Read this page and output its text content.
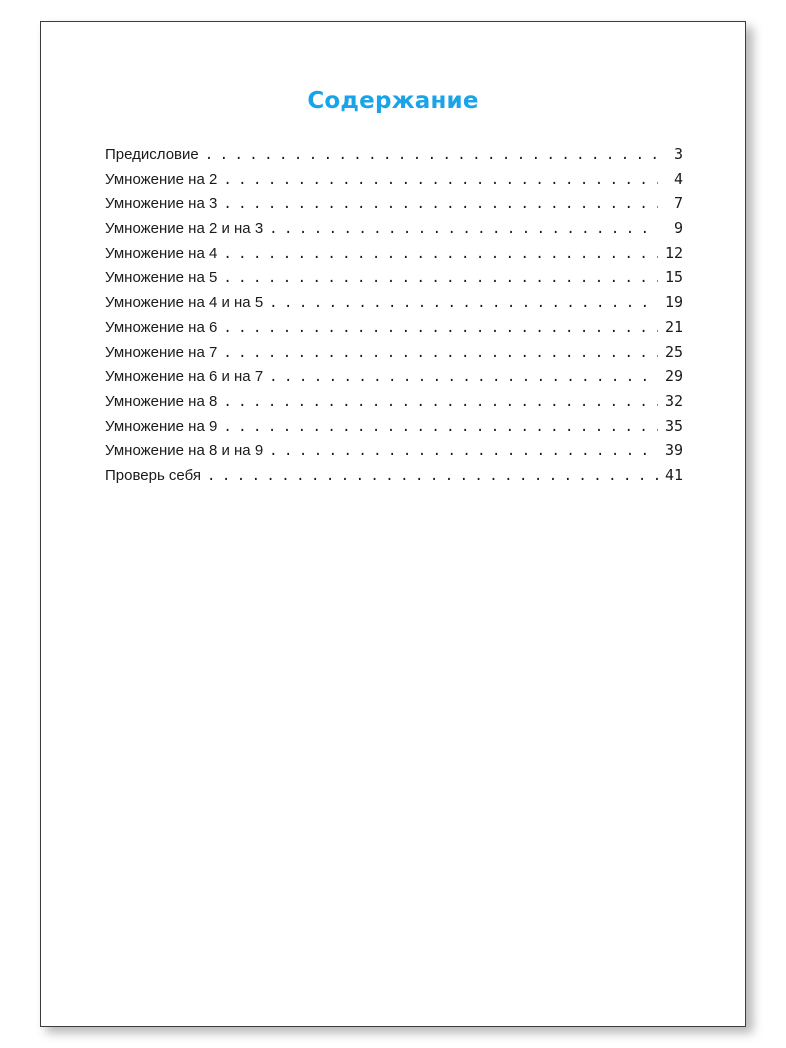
Содержание
Предисловие . . .	3
Умножение на 2 . . .	4
Умножение на 3 . . .	7
Умножение на 2 и на 3 . . .	9
Умножение на 4 . . .	12
Умножение на 5 . . .	15
Умножение на 4 и на 5 . . .	19
Умножение на 6 . . .	21
Умножение на 7 . . .	25
Умножение на 6 и на 7 . . .	29
Умножение на 8 . . .	32
Умножение на 9 . . .	35
Умножение на 8 и на 9 . . .	39
Проверь себя . . .	41
